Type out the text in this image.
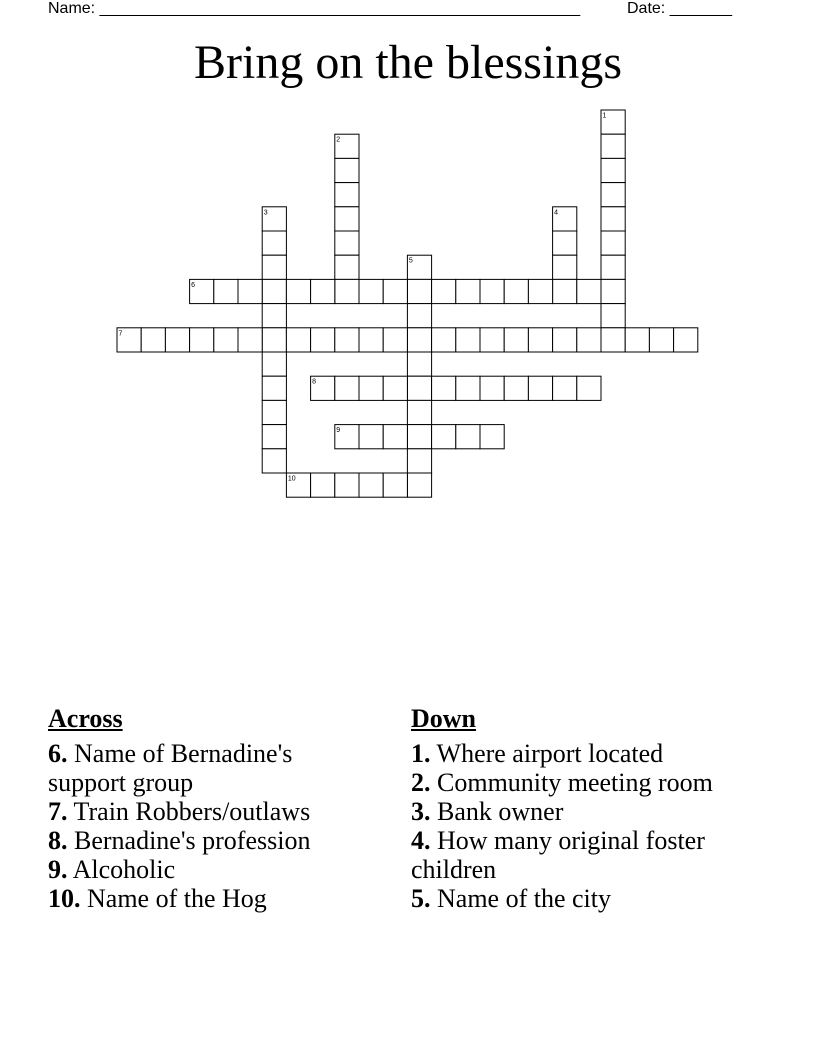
Name: ______________________________________________________	Date: _______
Bring on the blessings
1
2
3	4
5
6
7
8
9
10
Across
6. Name of Bernadine's support group
7. Train Robbers/outlaws
8. Bernadine's profession
9. Alcoholic
10. Name of the Hog
Down
1. Where airport located
2. Community meeting room
3. Bank owner
4. How many original foster children
5. Name of the city
